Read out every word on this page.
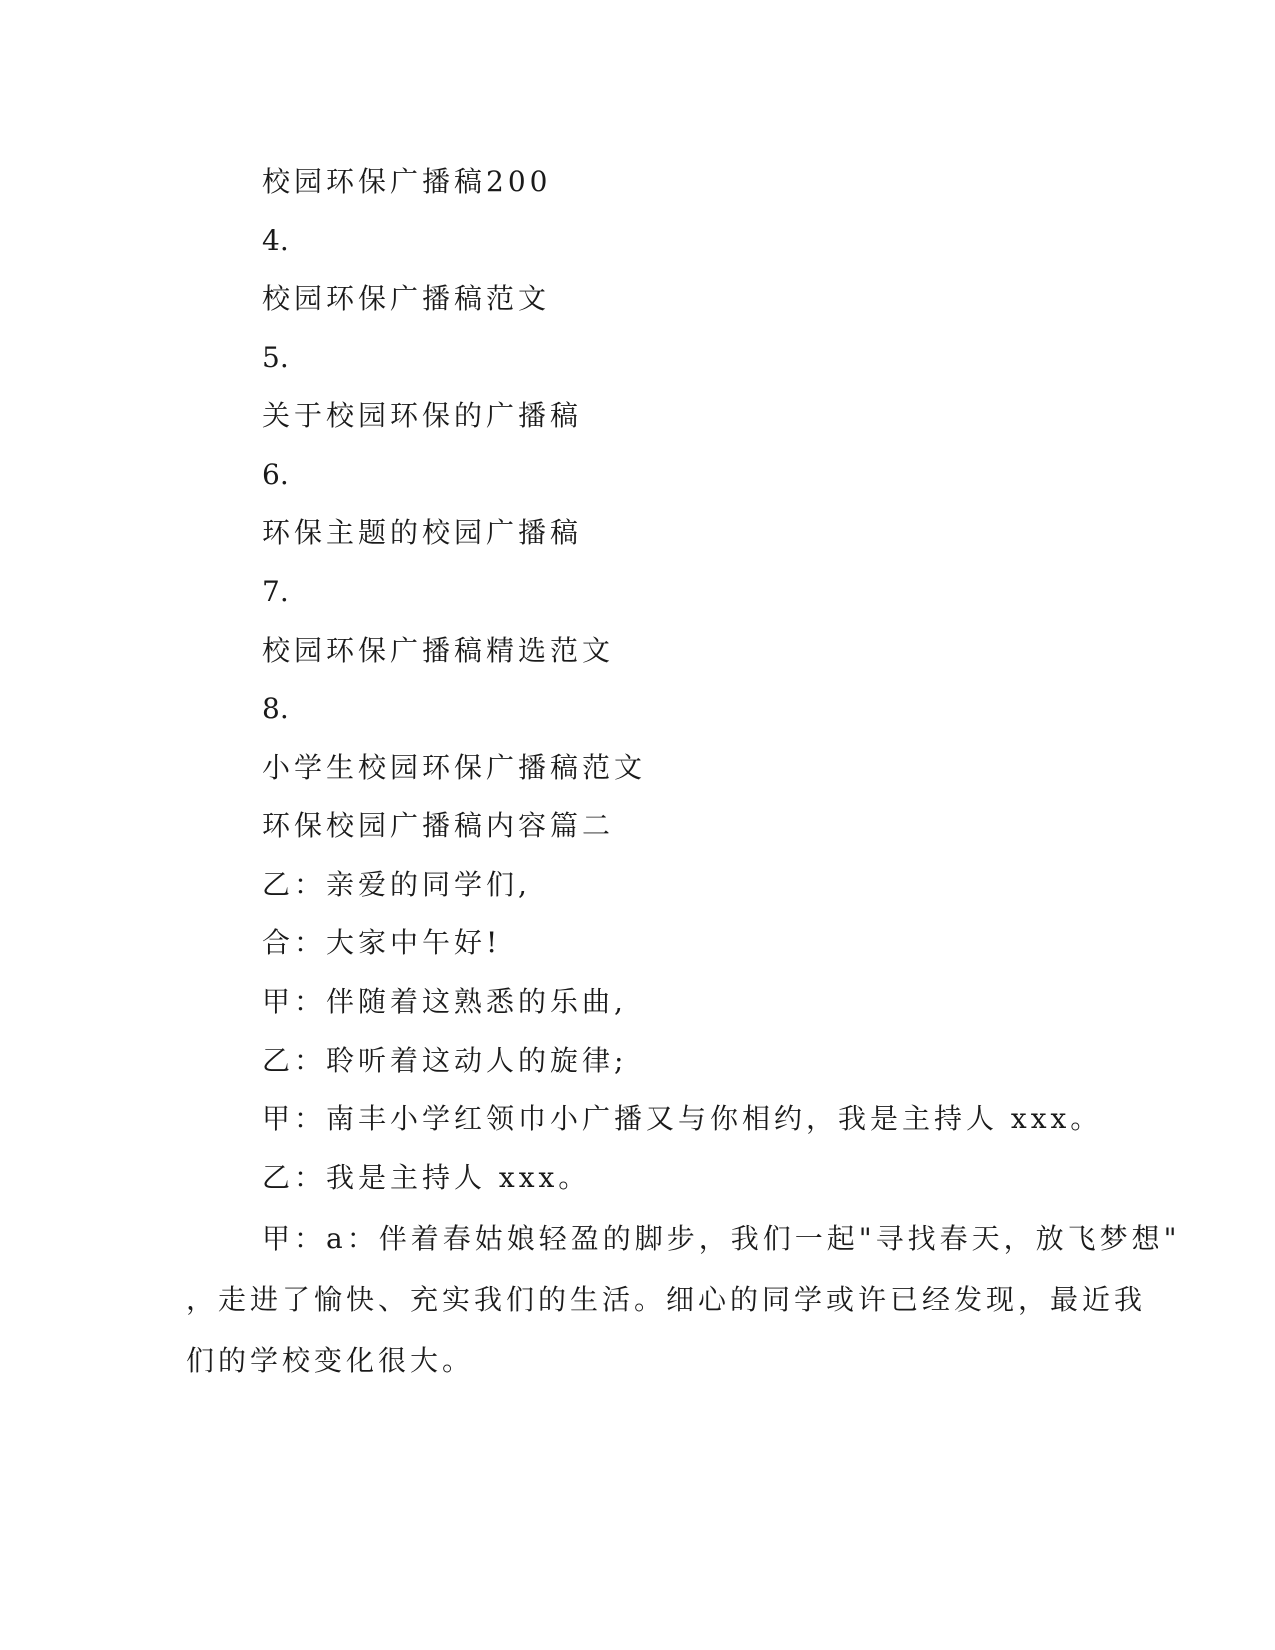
校园环保广播稿200
4.
校园环保广播稿范文
5.
关于校园环保的广播稿
6.
环保主题的校园广播稿
7.
校园环保广播稿精选范文
8.
小学生校园环保广播稿范文
环保校园广播稿内容篇二
乙：亲爱的同学们,
合：大家中午好!
甲：伴随着这熟悉的乐曲,
乙：聆听着这动人的旋律;
甲：南丰小学红领巾小广播又与你相约，我是主持人 xxx。
乙：我是主持人 xxx。
甲：a：伴着春姑娘轻盈的脚步，我们一起"寻找春天，放飞梦想"
，走进了愉快、充实我们的生活。细心的同学或许已经发现，最近我
们的学校变化很大。
